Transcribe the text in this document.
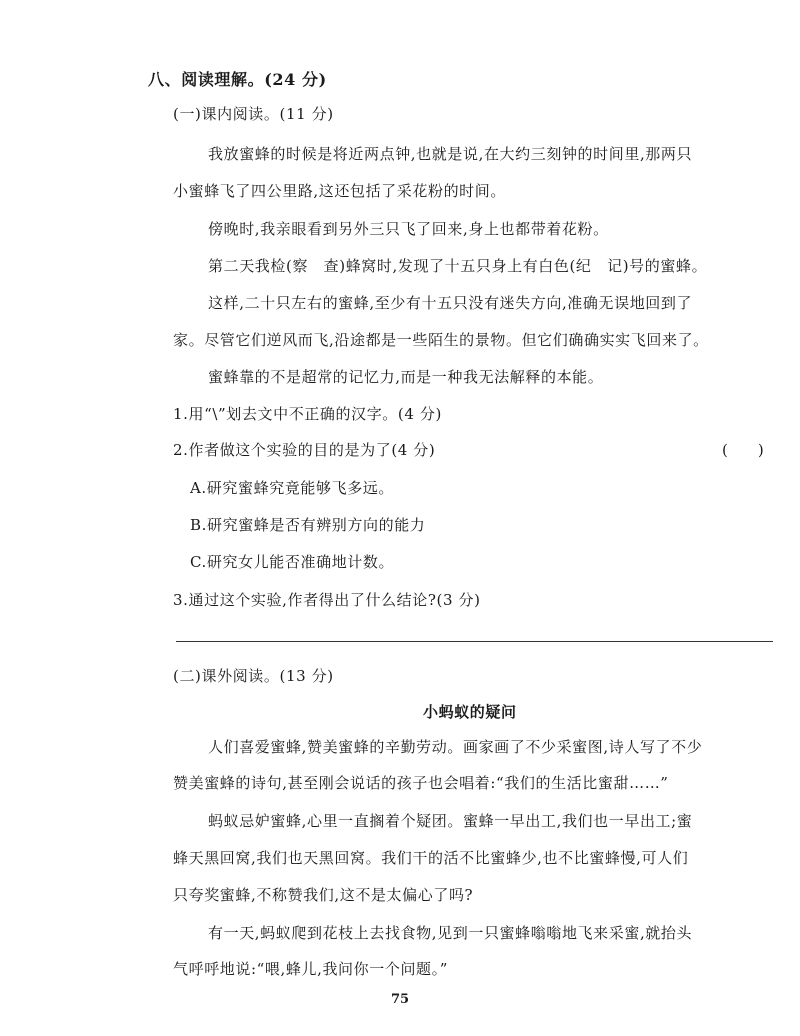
八、阅读理解。(24 分)
(一)课内阅读。(11 分)
我放蜜蜂的时候是将近两点钟,也就是说,在大约三刻钟的时间里,那两只
小蜜蜂飞了四公里路,这还包括了采花粉的时间。
傍晚时,我亲眼看到另外三只飞了回来,身上也都带着花粉。
第二天我检(察　查)蜂窝时,发现了十五只身上有白色(纪　记)号的蜜蜂。
这样,二十只左右的蜜蜂,至少有十五只没有迷失方向,准确无误地回到了
家。尽管它们逆风而飞,沿途都是一些陌生的景物。但它们确确实实飞回来了。
蜜蜂靠的不是超常的记忆力,而是一种我无法解释的本能。
1.用“\”划去文中不正确的汉字。(4 分)
2.作者做这个实验的目的是为了(4 分)	(　　)
A.研究蜜蜂究竟能够飞多远。
B.研究蜜蜂是否有辨别方向的能力
C.研究女儿能否准确地计数。
3.通过这个实验,作者得出了什么结论?(3 分)
(二)课外阅读。(13 分)
小蚂蚁的疑问
人们喜爱蜜蜂,赞美蜜蜂的辛勤劳动。画家画了不少采蜜图,诗人写了不少
赞美蜜蜂的诗句,甚至刚会说话的孩子也会唱着:“我们的生活比蜜甜……”
蚂蚁忌妒蜜蜂,心里一直搁着个疑团。蜜蜂一早出工,我们也一早出工;蜜
蜂天黑回窝,我们也天黑回窝。我们干的活不比蜜蜂少,也不比蜜蜂慢,可人们
只夸奖蜜蜂,不称赞我们,这不是太偏心了吗?
有一天,蚂蚁爬到花枝上去找食物,见到一只蜜蜂嗡嗡地飞来采蜜,就抬头
气呼呼地说:“喂,蜂儿,我问你一个问题。”
75
